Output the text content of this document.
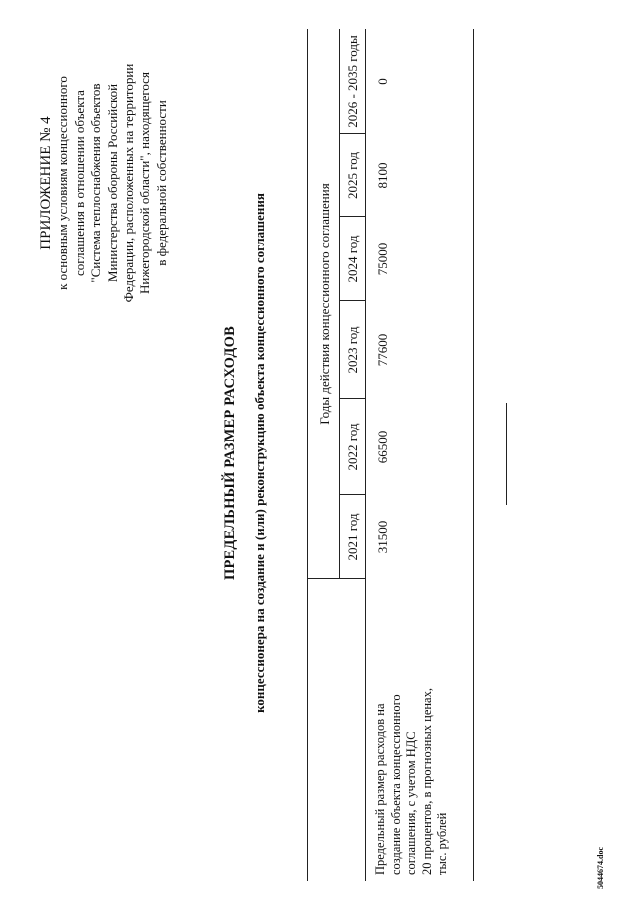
ПРИЛОЖЕНИЕ № 4 к основным условиям концессионного соглашения в отношении объекта "Система теплоснабжения объектов Министерства обороны Российской Федерации, расположенных на территории Нижегородской области", находящегося в федеральной собственности
ПРЕДЕЛЬНЫЙ РАЗМЕР РАСХОДОВ концессионера на создание и (или) реконструкцию объекта концессионного соглашения	Годы действия концессионного соглашения
2021 год
2022 год
2023 год
2024 год
2025 год
2026 - 2035 годы
Предельный размер расходов на создание объекта концессионного соглашения, с учетом НДС 20 процентов, в прогнозных ценах, тыс. рублей
31500
66500
77600
75000
8100
0
5044674.doc
